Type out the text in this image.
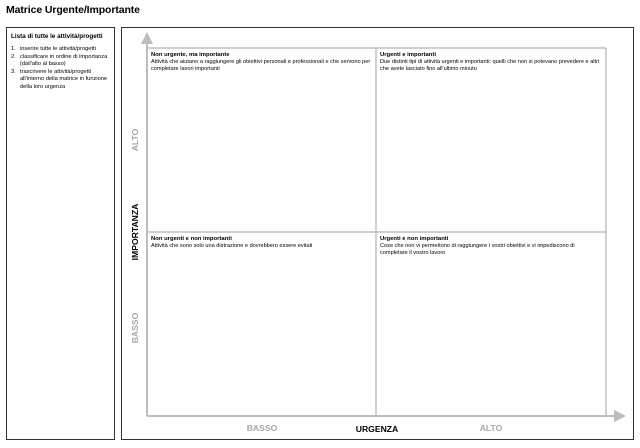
Matrice Urgente/Importante
Lista di tutte le attività/progetti
1. inserire tutte le attività/progetti
2. classificare in ordine di importanza (dall'alto al basso)
3. trascrivere le attività/progetti all'interno della matrice in funzione della loro urgenza
Non urgente, ma importante
Attività che aiutano a raggiungere gli obiettivi personali e professionali e che servono per completare lavori importanti
Urgenti e importanti
Due distinti tipi di attività urgenti e importanti: quelli che non si potevano prevedere e altri che avete lasciato fino all'ultimo minuto
Non urgenti e non importanti
Attività che sono solo una distrazione e dovrebbero essere evitati
Urgenti e non importanti
Cose che non vi permettono di raggiungere i vostri obiettivi e vi impediscono di completare il vostro lavoro
ALTO
IMPORTANZA
BASSO
BASSO	URGENZA	ALTO
